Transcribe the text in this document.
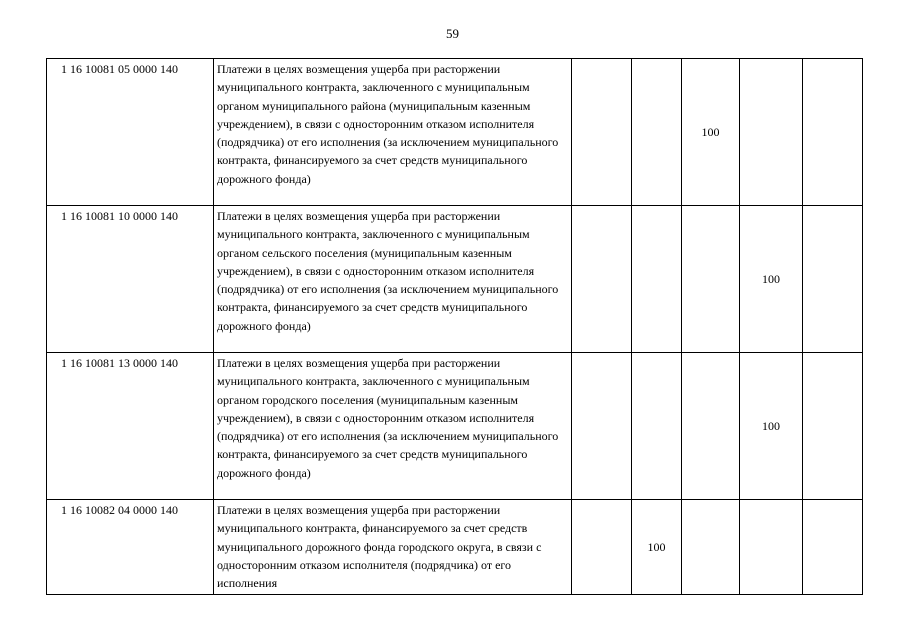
59
1 16 10081 05 0000 140	Платежи в целях возмещения ущерба при расторжении муниципального контракта, заключенного с муниципальным органом муниципального района (муниципальным казенным учреждением), в связи с односторонним отказом исполнителя (подрядчика) от его исполнения (за исключением муниципального контракта, финансируемого за счет средств муниципального дорожного фонда)			100		
1 16 10081 10 0000 140	Платежи в целях возмещения ущерба при расторжении муниципального контракта, заключенного с муниципальным органом сельского поселения (муниципальным казенным учреждением), в связи с односторонним отказом исполнителя (подрядчика) от его исполнения (за исключением муниципального контракта, финансируемого за счет средств муниципального дорожного фонда)				100	
1 16 10081 13 0000 140	Платежи в целях возмещения ущерба при расторжении муниципального контракта, заключенного с муниципальным органом городского поселения (муниципальным казенным учреждением), в связи с односторонним отказом исполнителя (подрядчика) от его исполнения (за исключением муниципального контракта, финансируемого за счет средств муниципального дорожного фонда)				100	
1 16 10082 04 0000 140	Платежи в целях возмещения ущерба при расторжении муниципального контракта, финансируемого за счет средств муниципального дорожного фонда городского округа, в связи с односторонним отказом исполнителя (подрядчика) от его исполнения		100			
